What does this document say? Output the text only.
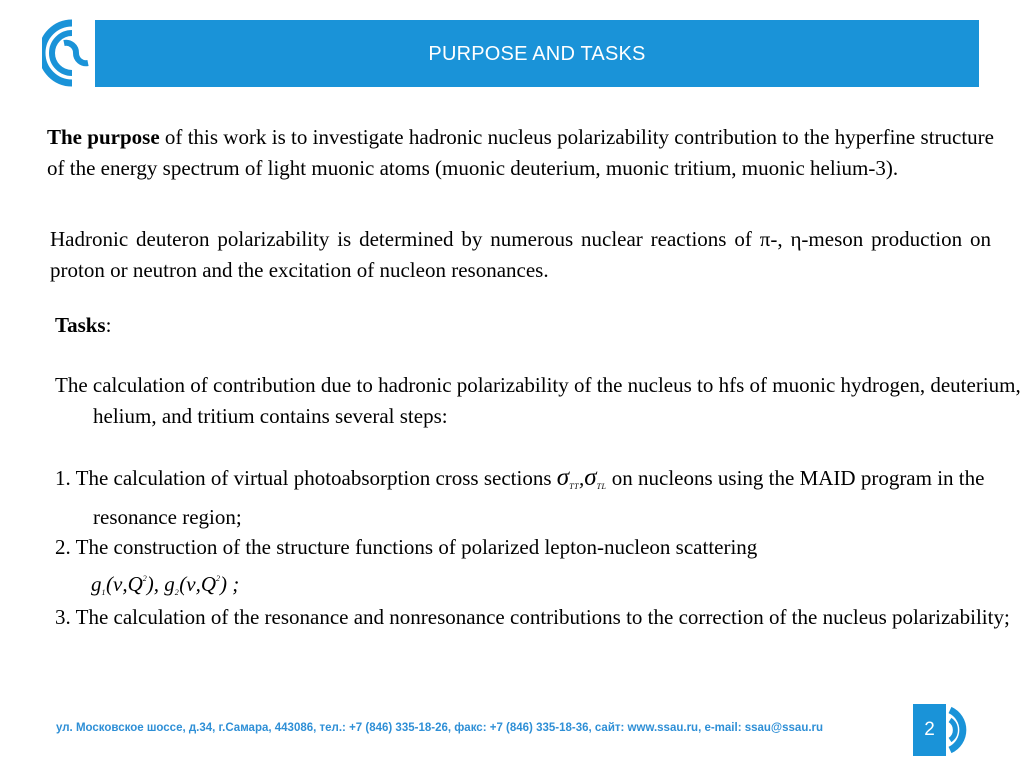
PURPOSE AND TASKS

The purpose of this work is to investigate hadronic nucleus polarizability contribution to the hyperfine structure of the energy spectrum of light muonic atoms (muonic deuterium, muonic tritium, muonic helium-3).

Hadronic deuteron polarizability is determined by numerous nuclear reactions of π-, η-meson production on proton or neutron and the excitation of nucleon resonances.

Tasks:

The calculation of contribution due to hadronic polarizability of the nucleus to hfs of muonic hydrogen, deuterium, helium, and tritium contains several steps:

1. The calculation of virtual photoabsorption cross sections $\sigma_{TT},\sigma_{TL}$ on nucleons using the MAID program in the resonance region;

2. The construction of the structure functions of polarized lepton-nucleon scattering
$g_1(\nu,Q^2)$, $g_2(\nu,Q^2)$ ;

3. The calculation of the resonance and nonresonance contributions to the correction of the nucleus polarizability;

ул. Московское шоссе, д.34, г.Самара, 443086, тел.: +7 (846) 335-18-26, факс: +7 (846) 335-18-36, сайт: www.ssau.ru, e-mail: ssau@ssau.ru	2
